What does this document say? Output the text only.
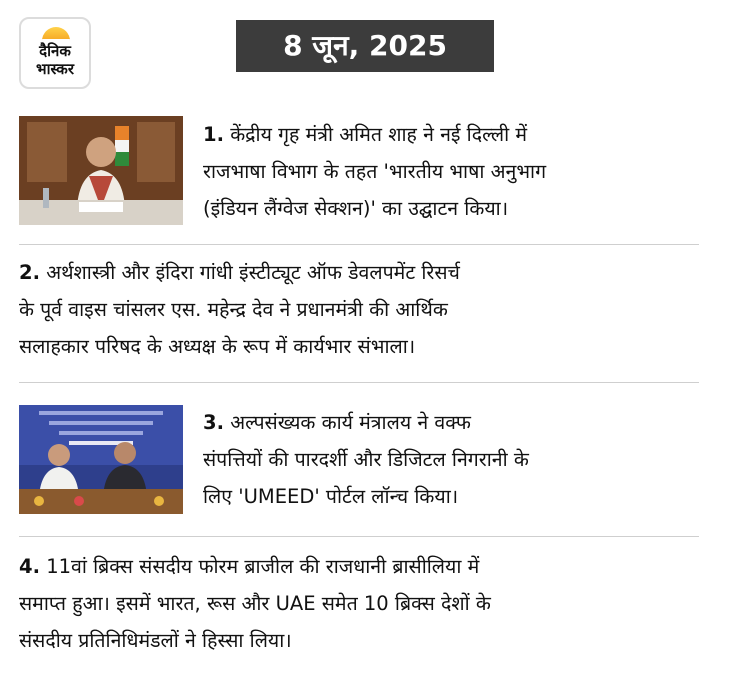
दैनिक
भास्कर
8 जून, 2025
1. केंद्रीय गृह मंत्री अमित शाह ने नई दिल्ली में
राजभाषा विभाग के तहत 'भारतीय भाषा अनुभाग
(इंडियन लैंग्वेज सेक्शन)' का उद्घाटन किया।
2. अर्थशास्त्री और इंदिरा गांधी इंस्टीट्यूट ऑफ डेवलपमेंट रिसर्च
के पूर्व वाइस चांसलर एस. महेन्द्र देव ने प्रधानमंत्री की आर्थिक
सलाहकार परिषद के अध्यक्ष के रूप में कार्यभार संभाला।
3. अल्पसंख्यक कार्य मंत्रालय ने वक्फ
संपत्तियों की पारदर्शी और डिजिटल निगरानी के
लिए 'UMEED' पोर्टल लॉन्च किया।
4. 11वां ब्रिक्स संसदीय फोरम ब्राजील की राजधानी ब्रासीलिया में
समाप्त हुआ। इसमें भारत, रूस और UAE समेत 10 ब्रिक्स देशों के
संसदीय प्रतिनिधिमंडलों ने हिस्सा लिया।
